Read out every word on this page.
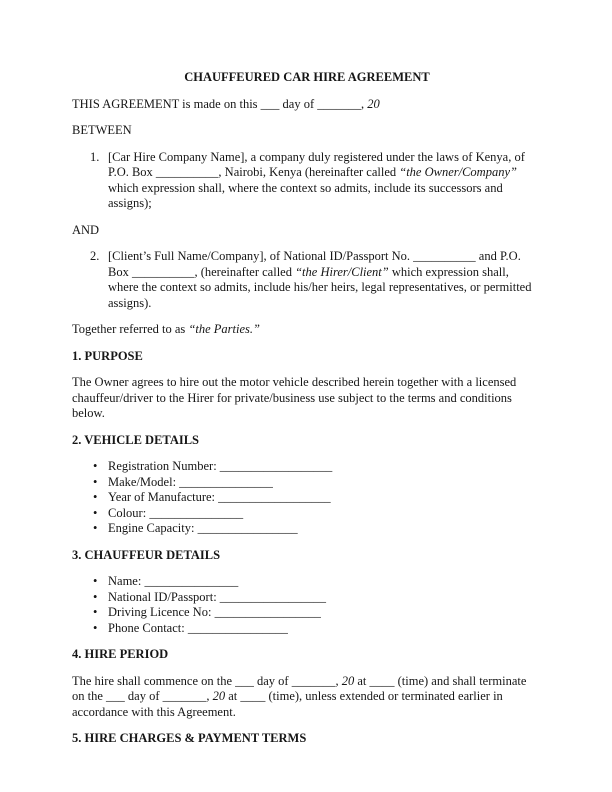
CHAUFFEURED CAR HIRE AGREEMENT

THIS AGREEMENT is made on this ___ day of _______, 20

BETWEEN

1. [Car Hire Company Name], a company duly registered under the laws of Kenya, of P.O. Box __________, Nairobi, Kenya (hereinafter called “the Owner/Company” which expression shall, where the context so admits, include its successors and assigns);

AND

2. [Client’s Full Name/Company], of National ID/Passport No. __________ and P.O. Box __________, (hereinafter called “the Hirer/Client” which expression shall, where the context so admits, include his/her heirs, legal representatives, or permitted assigns).

Together referred to as “the Parties.”

1. PURPOSE

The Owner agrees to hire out the motor vehicle described herein together with a licensed chauffeur/driver to the Hirer for private/business use subject to the terms and conditions below.

2. VEHICLE DETAILS
• Registration Number: __________________
• Make/Model: _______________
• Year of Manufacture: __________________
• Colour: _______________
• Engine Capacity: ________________
3. CHAUFFEUR DETAILS
• Name: _______________
• National ID/Passport: _________________
• Driving Licence No: _________________
• Phone Contact: ________________
4. HIRE PERIOD

The hire shall commence on the ___ day of _______, 20 at ____ (time) and shall terminate on the ___ day of _______, 20 at ____ (time), unless extended or terminated earlier in accordance with this Agreement.

5. HIRE CHARGES & PAYMENT TERMS
